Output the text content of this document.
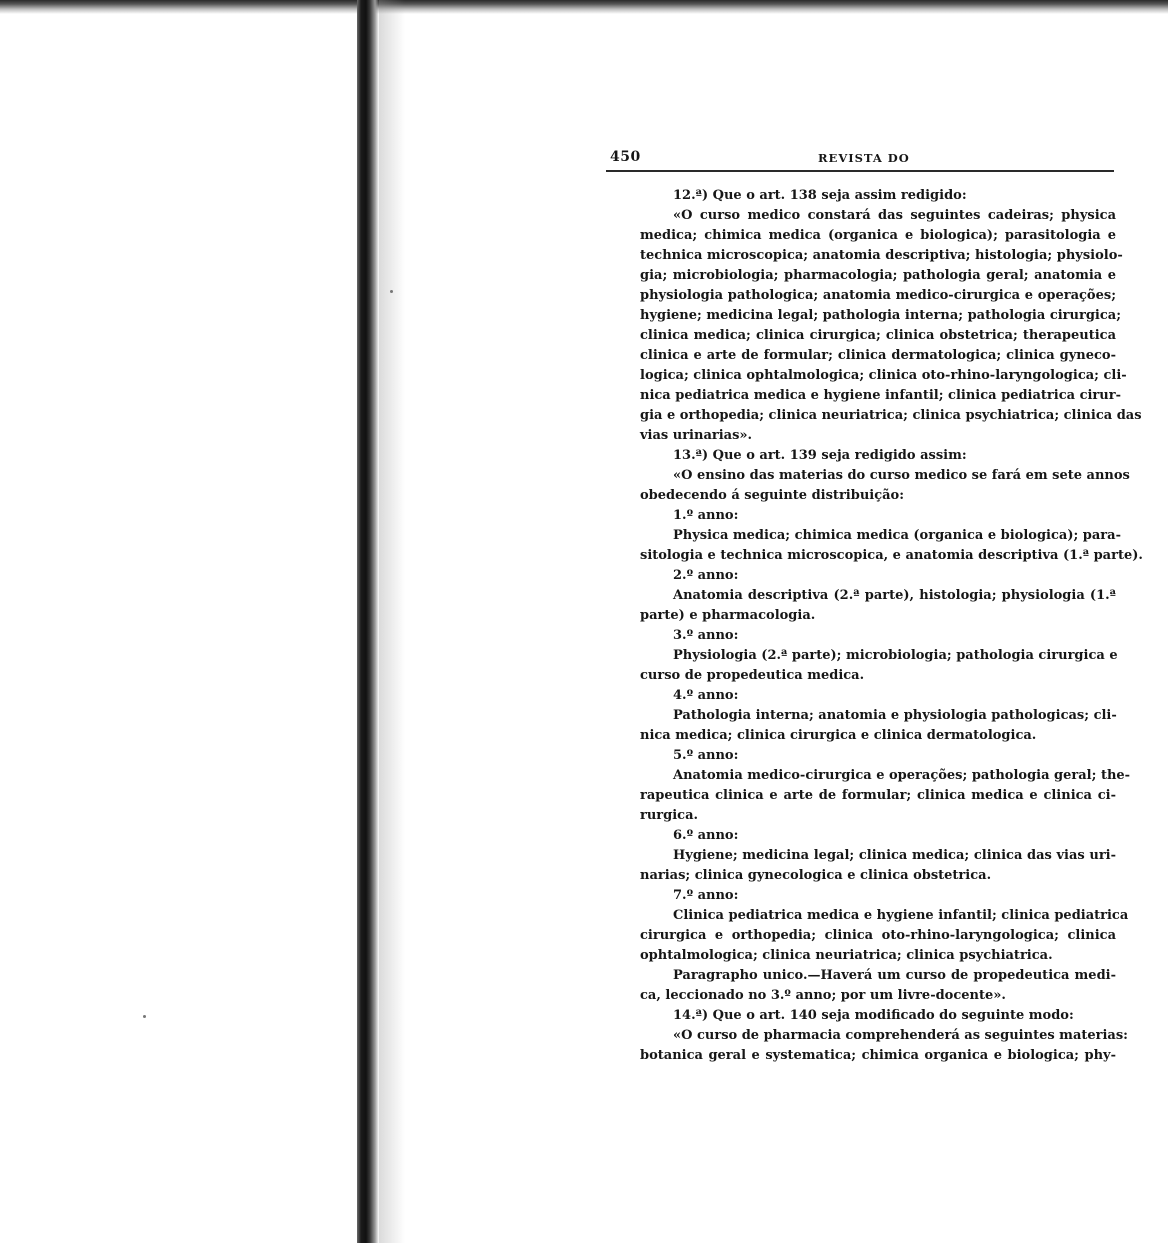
450	REVISTA DO
12.ª) Que o art. 138 seja assim redigido:
«O curso medico constará das seguintes cadeiras; physica
medica; chimica medica (organica e biologica); parasitologia e
technica microscopica; anatomia descriptiva; histologia; physiolo-
gia; microbiologia; pharmacologia; pathologia geral; anatomia e
physiologia pathologica; anatomia medico-cirurgica e operações;
hygiene; medicina legal; pathologia interna; pathologia cirurgica;
clinica medica; clinica cirurgica; clinica obstetrica; therapeutica
clinica e arte de formular; clinica dermatologica; clinica gyneco-
logica; clinica ophtalmologica; clinica oto-rhino-laryngologica; cli-
nica pediatrica medica e hygiene infantil; clinica pediatrica cirur-
gia e orthopedia; clinica neuriatrica; clinica psychiatrica; clinica das
vias urinarias».
13.ª) Que o art. 139 seja redigido assim:
«O ensino das materias do curso medico se fará em sete annos
obedecendo á seguinte distribuição:
1.º anno:
Physica medica; chimica medica (organica e biologica); para-
sitologia e technica microscopica, e anatomia descriptiva (1.ª parte).
2.º anno:
Anatomia descriptiva (2.ª parte), histologia; physiologia (1.ª
parte) e pharmacologia.
3.º anno:
Physiologia (2.ª parte); microbiologia; pathologia cirurgica e
curso de propedeutica medica.
4.º anno:
Pathologia interna; anatomia e physiologia pathologicas; cli-
nica medica; clinica cirurgica e clinica dermatologica.
5.º anno:
Anatomia medico-cirurgica e operações; pathologia geral; the-
rapeutica clinica e arte de formular; clinica medica e clinica ci-
rurgica.
6.º anno:
Hygiene; medicina legal; clinica medica; clinica das vias uri-
narias; clinica gynecologica e clinica obstetrica.
7.º anno:
Clinica pediatrica medica e hygiene infantil; clinica pediatrica
cirurgica e orthopedia; clinica oto-rhino-laryngologica; clinica
ophtalmologica; clinica neuriatrica; clinica psychiatrica.
Paragrapho unico.—Haverá um curso de propedeutica medi-
ca, leccionado no 3.º anno; por um livre-docente».
14.ª) Que o art. 140 seja modificado do seguinte modo:
«O curso de pharmacia comprehenderá as seguintes materias:
botanica geral e systematica; chimica organica e biologica; phy-
